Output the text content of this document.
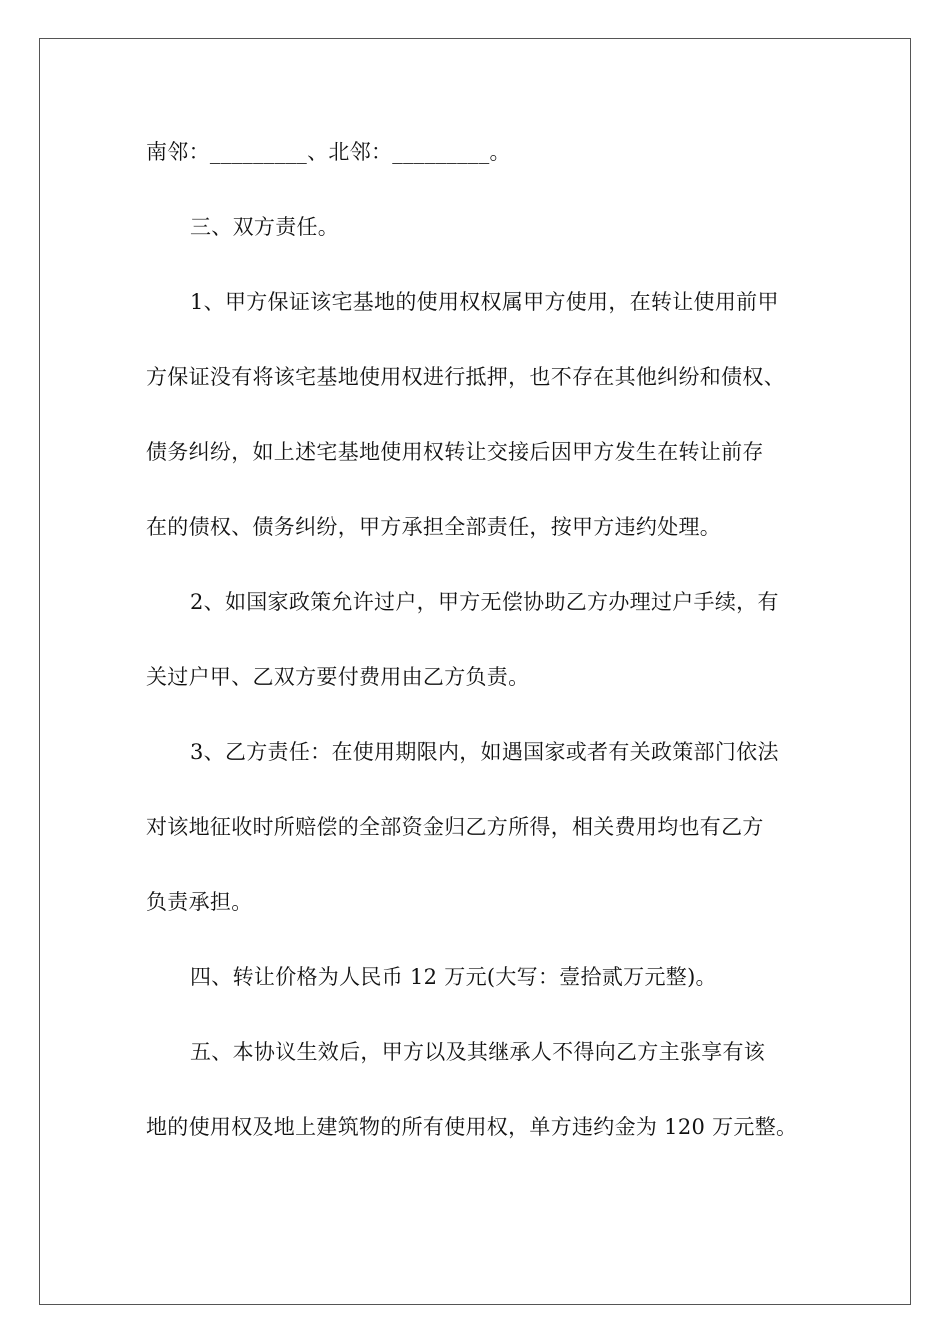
南邻：_________、北邻：_________。
三、双方责任。
1、甲方保证该宅基地的使用权权属甲方使用，在转让使用前甲
方保证没有将该宅基地使用权进行抵押，也不存在其他纠纷和债权、
债务纠纷，如上述宅基地使用权转让交接后因甲方发生在转让前存
在的债权、债务纠纷，甲方承担全部责任，按甲方违约处理。
2、如国家政策允许过户，甲方无偿协助乙方办理过户手续，有
关过户甲、乙双方要付费用由乙方负责。
3、乙方责任：在使用期限内，如遇国家或者有关政策部门依法
对该地征收时所赔偿的全部资金归乙方所得，相关费用均也有乙方
负责承担。
四、转让价格为人民币 12 万元(大写：壹拾贰万元整)。
五、本协议生效后，甲方以及其继承人不得向乙方主张享有该
地的使用权及地上建筑物的所有使用权，单方违约金为 120 万元整。
